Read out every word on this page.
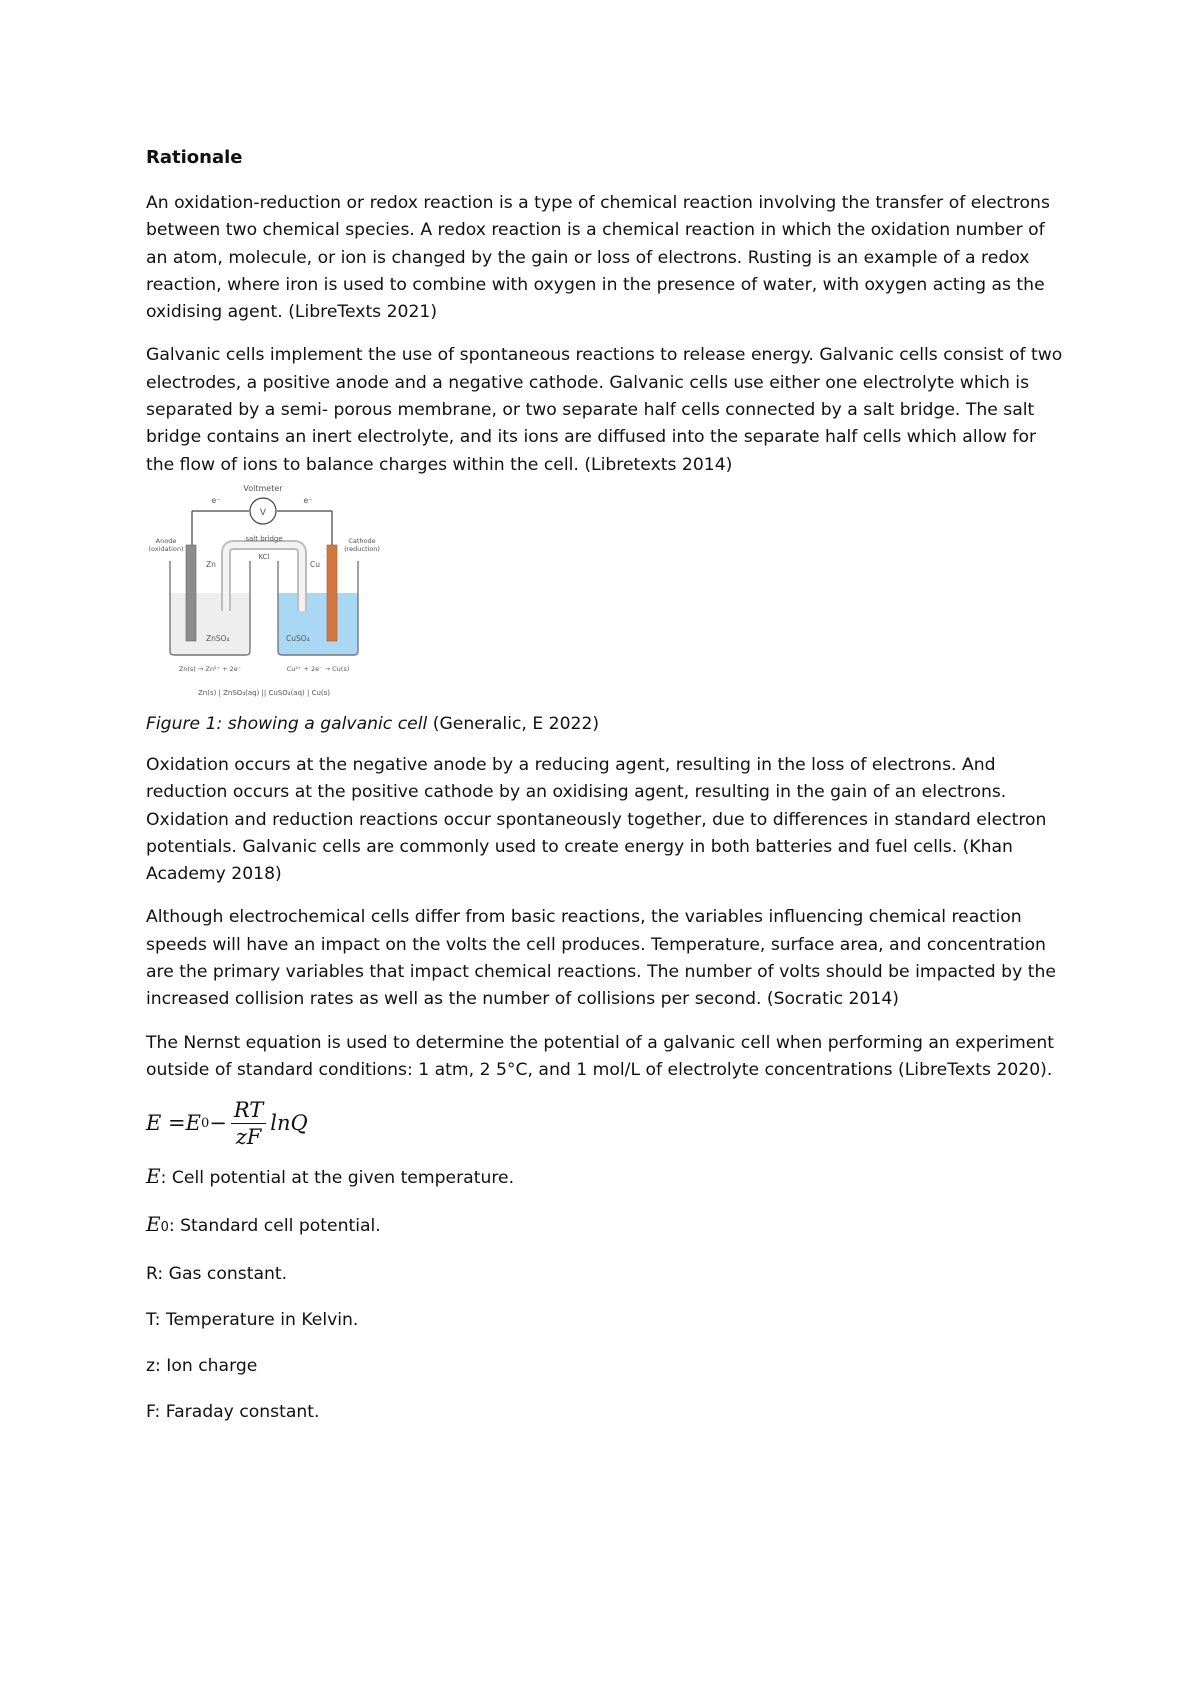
Rationale

An oxidation-reduction or redox reaction is a type of chemical reaction involving the transfer of electrons between two chemical species. A redox reaction is a chemical reaction in which the oxidation number of an atom, molecule, or ion is changed by the gain or loss of electrons. Rusting is an example of a redox reaction, where iron is used to combine with oxygen in the presence of water, with oxygen acting as the oxidising agent. (LibreTexts 2021)

Galvanic cells implement the use of spontaneous reactions to release energy. Galvanic cells consist of two electrodes, a positive anode and a negative cathode. Galvanic cells use either one electrolyte which is separated by a semi- porous membrane, or two separate half cells connected by a salt bridge. The salt bridge contains an inert electrolyte, and its ions are diffused into the separate half cells which allow for the flow of ions to balance charges within the cell. (Libretexts 2014)

Voltmeter
V
e⁻	e⁻
Anode
(oxidation)
Cathode
(reduction)
salt bridge
KCl
Zn	Cu
ZnSO₄	CuSO₄
Zn(s) → Zn²⁺ + 2e⁻	Cu²⁺ + 2e⁻ → Cu(s)
Zn(s) | ZnSO₄(aq) || CuSO₄(aq) | Cu(s)
Figure 1: showing a galvanic cell (Generalic, E 2022)

Oxidation occurs at the negative anode by a reducing agent, resulting in the loss of electrons. And reduction occurs at the positive cathode by an oxidising agent, resulting in the gain of an electrons. Oxidation and reduction reactions occur spontaneously together, due to differences in standard electron potentials. Galvanic cells are commonly used to create energy in both batteries and fuel cells. (Khan Academy 2018)

Although electrochemical cells differ from basic reactions, the variables influencing chemical reaction speeds will have an impact on the volts the cell produces. Temperature, surface area, and concentration are the primary variables that impact chemical reactions. The number of volts should be impacted by the increased collision rates as well as the number of collisions per second. (Socratic 2014)

The Nernst equation is used to determine the potential of a galvanic cell when performing an experiment outside of standard conditions: 1 atm, 2 5°C, and 1 mol/L of electrolyte concentrations (LibreTexts 2020).

E =E $0 - \frac{RT}{zF}$ lnQ
E : Cell potential at the given temperature.
E 0 : Standard cell potential.
R: Gas constant.
T: Temperature in Kelvin.
z: Ion charge
F: Faraday constant.
